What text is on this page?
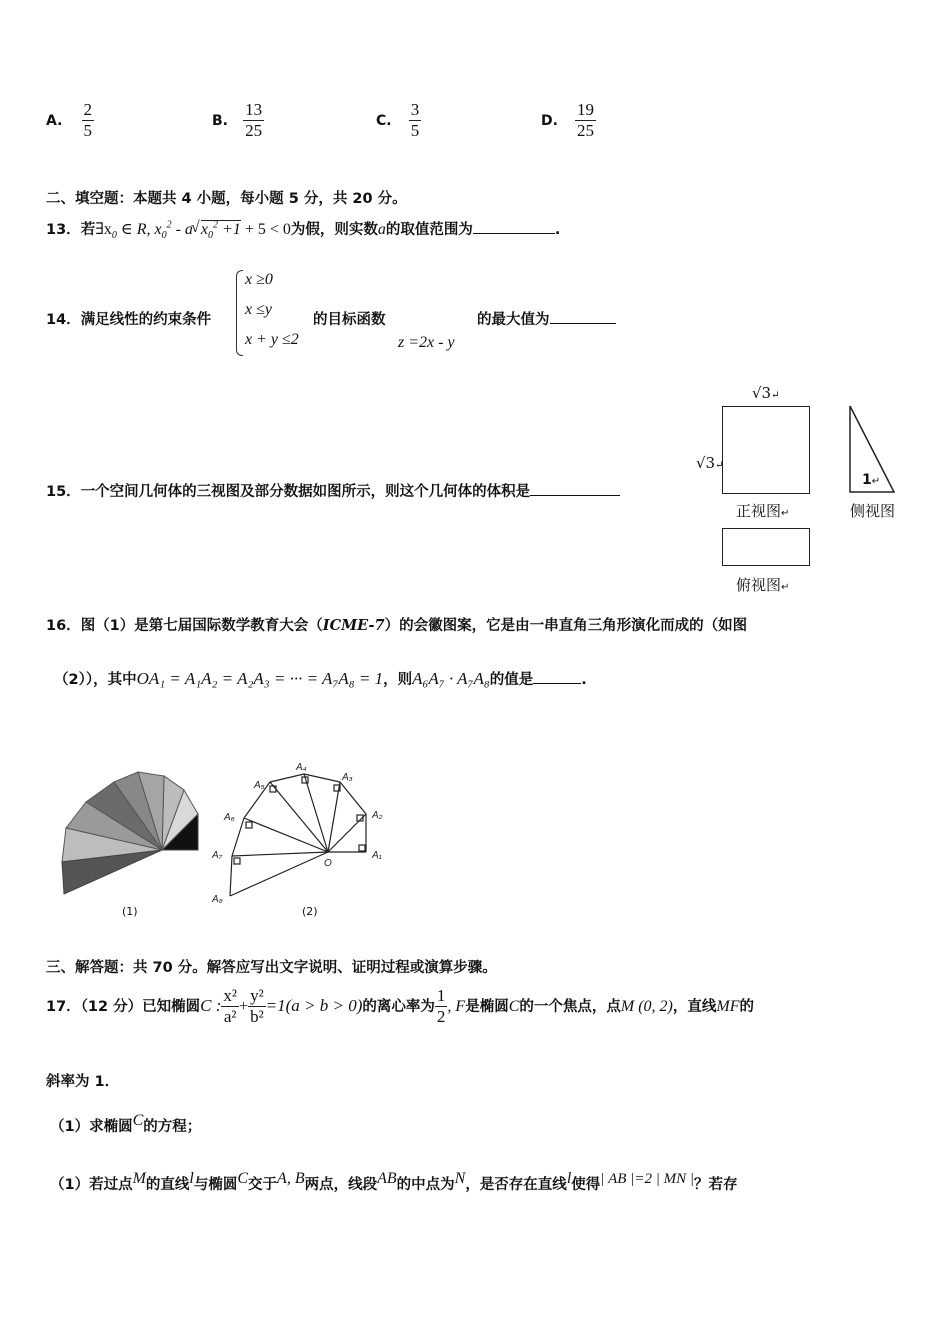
A. $\frac{2}{5}$	B. $\frac{13}{25}$	C. $\frac{3}{5}$	D. $\frac{19}{25}$
二、填空题：本题共 4 小题，每小题 5 分，共 20 分。
13．若$\exists x_0$ ∈ R, $x_0^2$ - a
√ $x_0^2 +1 + 5 < 0$为假，则实数a的取值范围为	.
14．满足线性的约束条件
x ≥0
x ≤y
x + y ≤2
的目标函数
z =2x - y
的最大值为
15．一个空间几何体的三视图及部分数据如图所示，则这个几何体的体积是
√3↵
√3↵
正视图↵
1↵
侧视图
俯视图↵
16．图（1）是第七届国际数学教育大会（ICME-7）的会徽图案，它是由一串直角三角形演化而成的（如图
（2）），其中OA₁ = A₁A₂ = A₂A₃ = ··· = A₇A₈ = 1，则A₆A₇ · A₇A₈的值是	.
(1)
A₁
A₂
A₃
A₄
A₅
A₆
A₇
A₈
O
(2)
三、解答题：共 70 分。解答应写出文字说明、证明过程或演算步骤。
17．（12 分）已知椭圆C : $\frac{\text{x²}}{\text{a²}} + \frac{\text{y²}}{\text{b²}} =1(a > b > 0)$的离心率为 $\frac{1}{2}$ , F是椭圆C的一个焦点，点M (0, 2)，直线MF的
斜率为 1．
（1）求椭圆C的方程；
（1）若过点M的直线l与椭圆C交于A, B两点，线段AB的中点为N，是否存在直线l使得| AB |=2 | MN |？若存
